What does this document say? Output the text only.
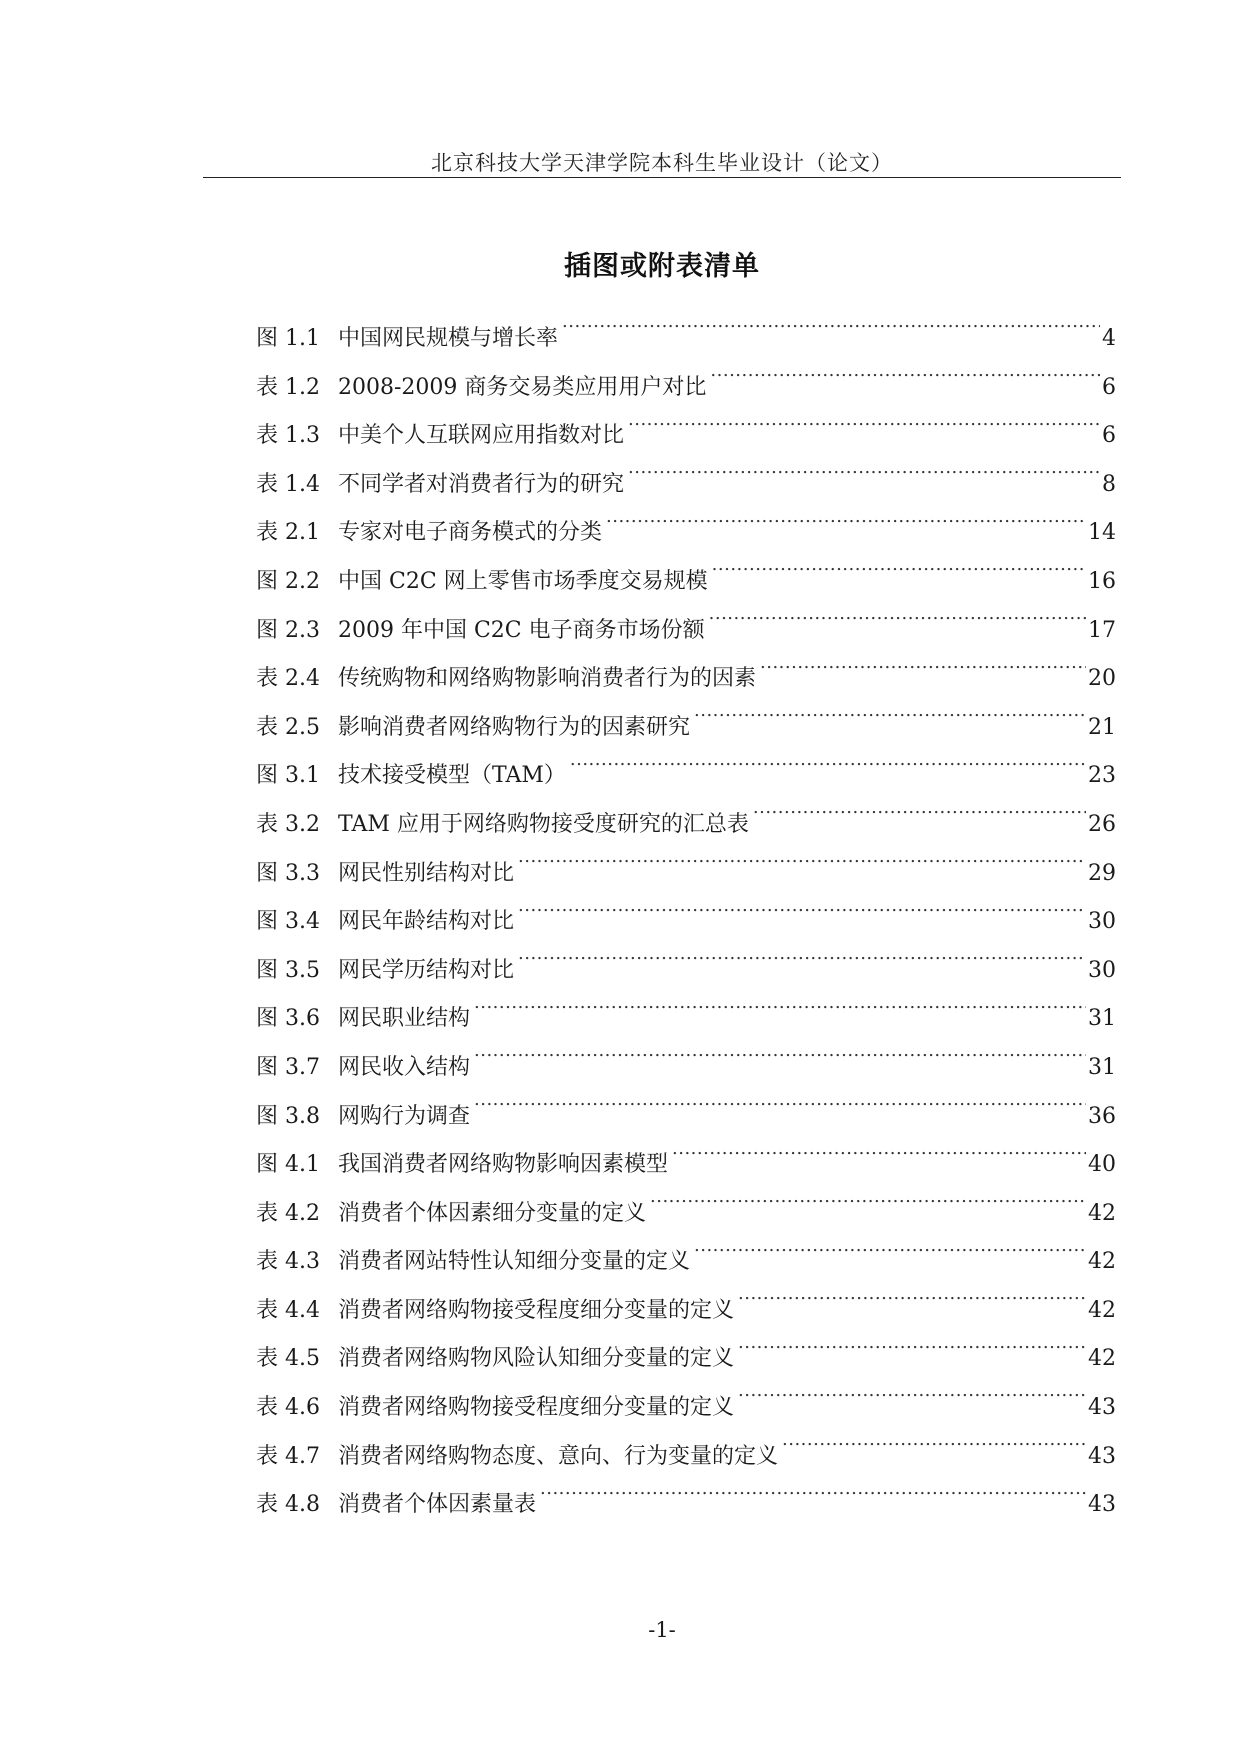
北京科技大学天津学院本科生毕业设计（论文）
插图或附表清单
图 1.1 中国网民规模与增长率 .....	4
表 1.2 2008-2009 商务交易类应用用户对比 .....	6
表 1.3 中美个人互联网应用指数对比 .....	6
表 1.4 不同学者对消费者行为的研究 .....	8
表 2.1 专家对电子商务模式的分类 .....	14
图 2.2 中国 C2C 网上零售市场季度交易规模 .....	16
图 2.3 2009 年中国 C2C 电子商务市场份额 .....	17
表 2.4 传统购物和网络购物影响消费者行为的因素 .....	20
表 2.5 影响消费者网络购物行为的因素研究 .....	21
图 3.1 技术接受模型（TAM） .....	23
表 3.2 TAM 应用于网络购物接受度研究的汇总表 .....	26
图 3.3 网民性别结构对比 .....	29
图 3.4 网民年龄结构对比 .....	30
图 3.5 网民学历结构对比 .....	30
图 3.6 网民职业结构 .....	31
图 3.7 网民收入结构 .....	31
图 3.8 网购行为调查 .....	36
图 4.1 我国消费者网络购物影响因素模型 .....	40
表 4.2 消费者个体因素细分变量的定义 .....	42
表 4.3 消费者网站特性认知细分变量的定义 .....	42
表 4.4 消费者网络购物接受程度细分变量的定义 .....	42
表 4.5 消费者网络购物风险认知细分变量的定义 .....	42
表 4.6 消费者网络购物接受程度细分变量的定义 .....	43
表 4.7 消费者网络购物态度、意向、行为变量的定义 .....	43
表 4.8 消费者个体因素量表 .....	43
-1-
